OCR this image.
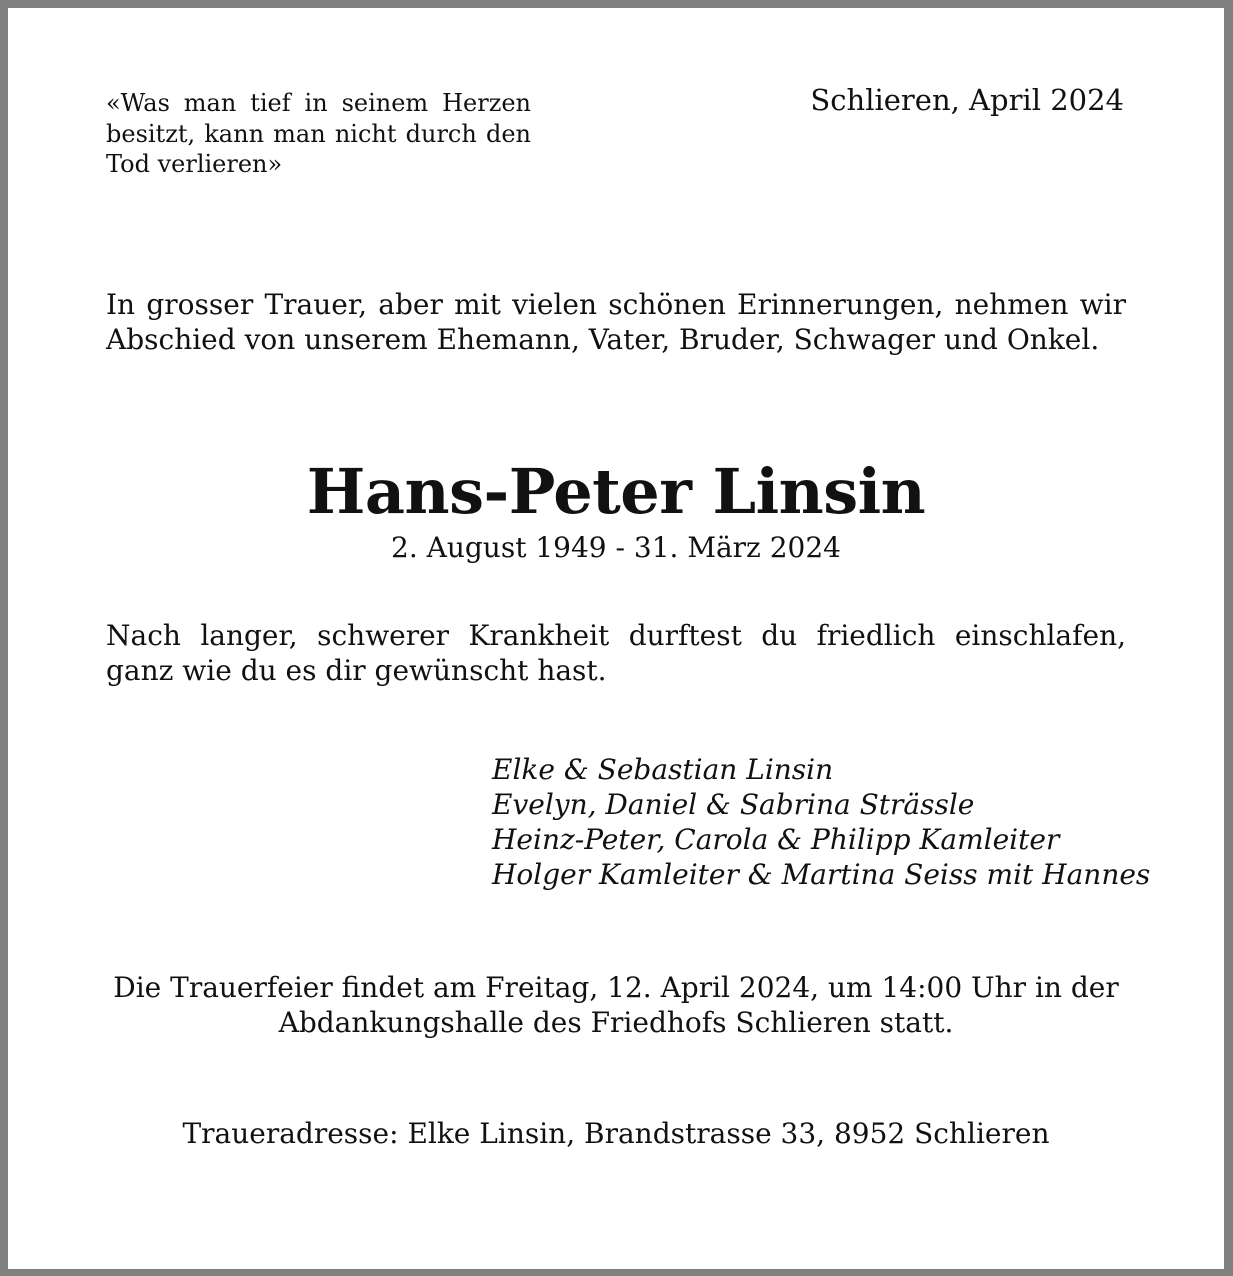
«Was man tief in seinem Herzen besitzt, kann man nicht durch den Tod verlieren»

Schlieren, April 2024

In grosser Trauer, aber mit vielen schönen Erinnerungen, nehmen wir Abschied von unserem Ehemann, Vater, Bruder, Schwager und Onkel.

Hans-Peter Linsin

2. August 1949 - 31. März 2024

Nach langer, schwerer Krankheit durftest du friedlich einschlafen, ganz wie du es dir gewünscht hast.

Elke & Sebastian Linsin
Evelyn, Daniel & Sabrina Strässle
Heinz-Peter, Carola & Philipp Kamleiter
Holger Kamleiter & Martina Seiss mit Hannes
Die Trauerfeier findet am Freitag, 12. April 2024, um 14:00 Uhr in der
Abdankungshalle des Friedhofs Schlieren statt.

Traueradresse: Elke Linsin, Brandstrasse 33, 8952 Schlieren
